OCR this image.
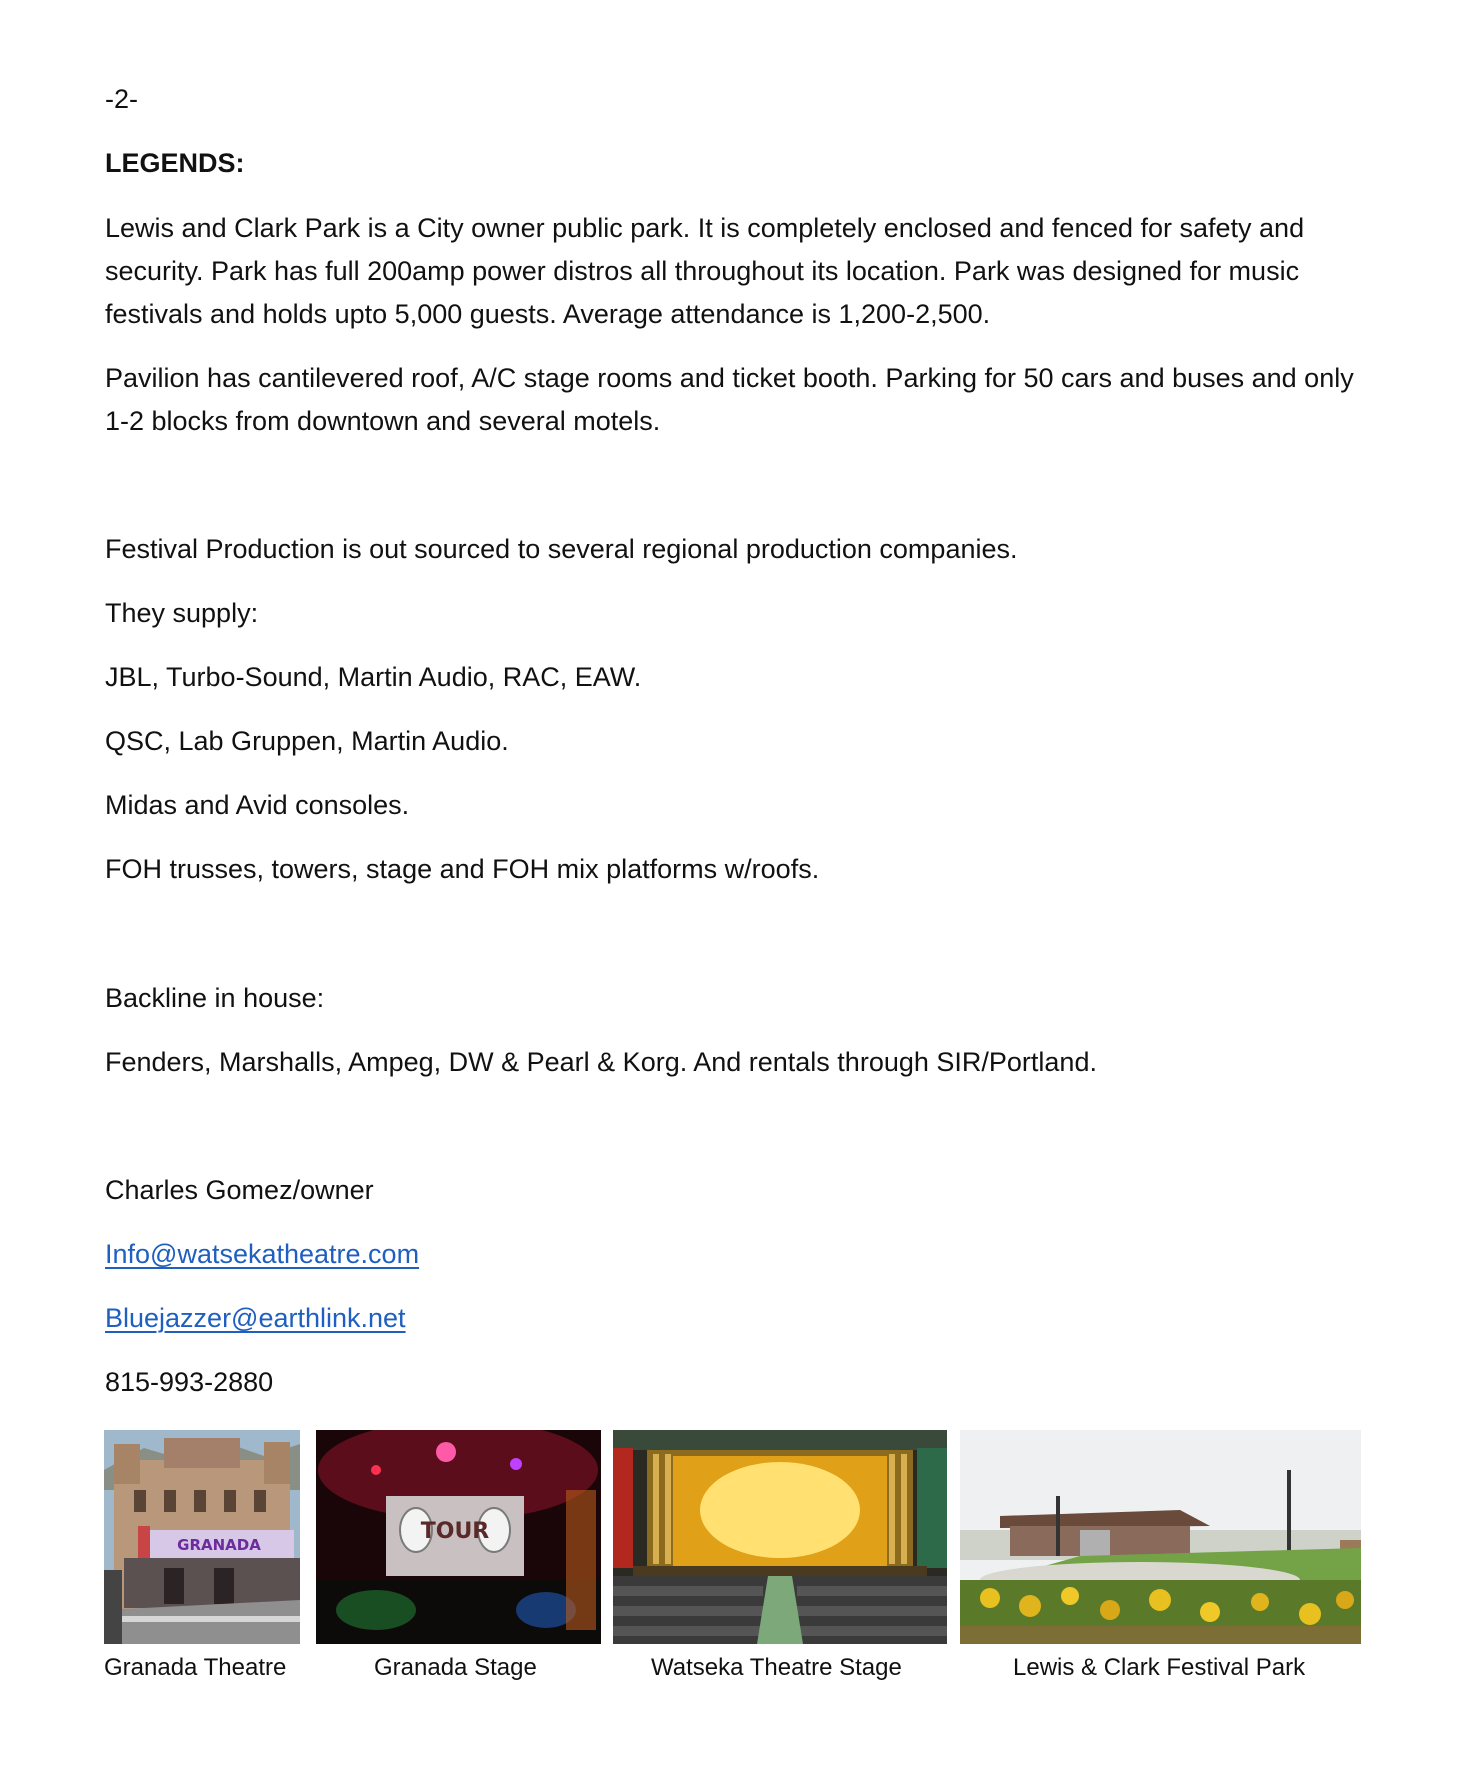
-2-

LEGENDS:

Lewis and Clark Park is a City owner public park. It is completely enclosed and fenced for safety and security. Park has full 200amp power distros all throughout its location. Park was designed for music festivals and holds upto 5,000 guests. Average attendance is 1,200-2,500.

Pavilion has cantilevered roof, A/C stage rooms and ticket booth. Parking for 50 cars and buses and only 1-2 blocks from downtown and several motels.

Festival Production is out sourced to several regional production companies.

They supply:

JBL, Turbo-Sound, Martin Audio, RAC, EAW.

QSC, Lab Gruppen, Martin Audio.

Midas and Avid consoles.

FOH trusses, towers, stage and FOH mix platforms w/roofs.

Backline in house:

Fenders, Marshalls, Ampeg, DW & Pearl & Korg. And rentals through SIR/Portland.

Charles Gomez/owner

Info@watsekatheatre.com
Bluejazzer@earthlink.net

815-993-2880

GRANADA
TOUR

Granada Theatre	Granada Stage	Watseka Theatre Stage	Lewis & Clark Festival Park
